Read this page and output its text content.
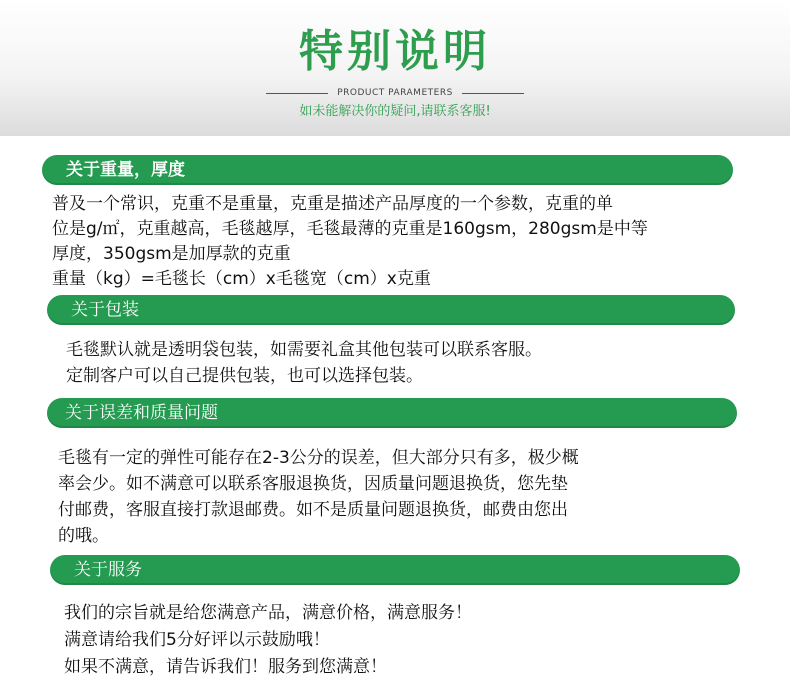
特别说明
PRODUCT PARAMETERS
如未能解决你的疑问,请联系客服!
关于重量，厚度
普及一个常识，克重不是重量，克重是描述产品厚度的一个参数，克重的单
位是g/㎡，克重越高，毛毯越厚，毛毯最薄的克重是160gsm，280gsm是中等
厚度，350gsm是加厚款的克重
重量（kg）=毛毯长（cm）x毛毯宽（cm）x克重
关于包装
毛毯默认就是透明袋包装，如需要礼盒其他包装可以联系客服。
定制客户可以自己提供包装，也可以选择包装。
关于误差和质量问题
毛毯有一定的弹性可能存在2-3公分的误差，但大部分只有多，极少概
率会少。如不满意可以联系客服退换货，因质量问题退换货，您先垫
付邮费，客服直接打款退邮费。如不是质量问题退换货，邮费由您出
的哦。
关于服务
我们的宗旨就是给您满意产品，满意价格，满意服务！
满意请给我们5分好评以示鼓励哦！
如果不满意，请告诉我们！服务到您满意！
